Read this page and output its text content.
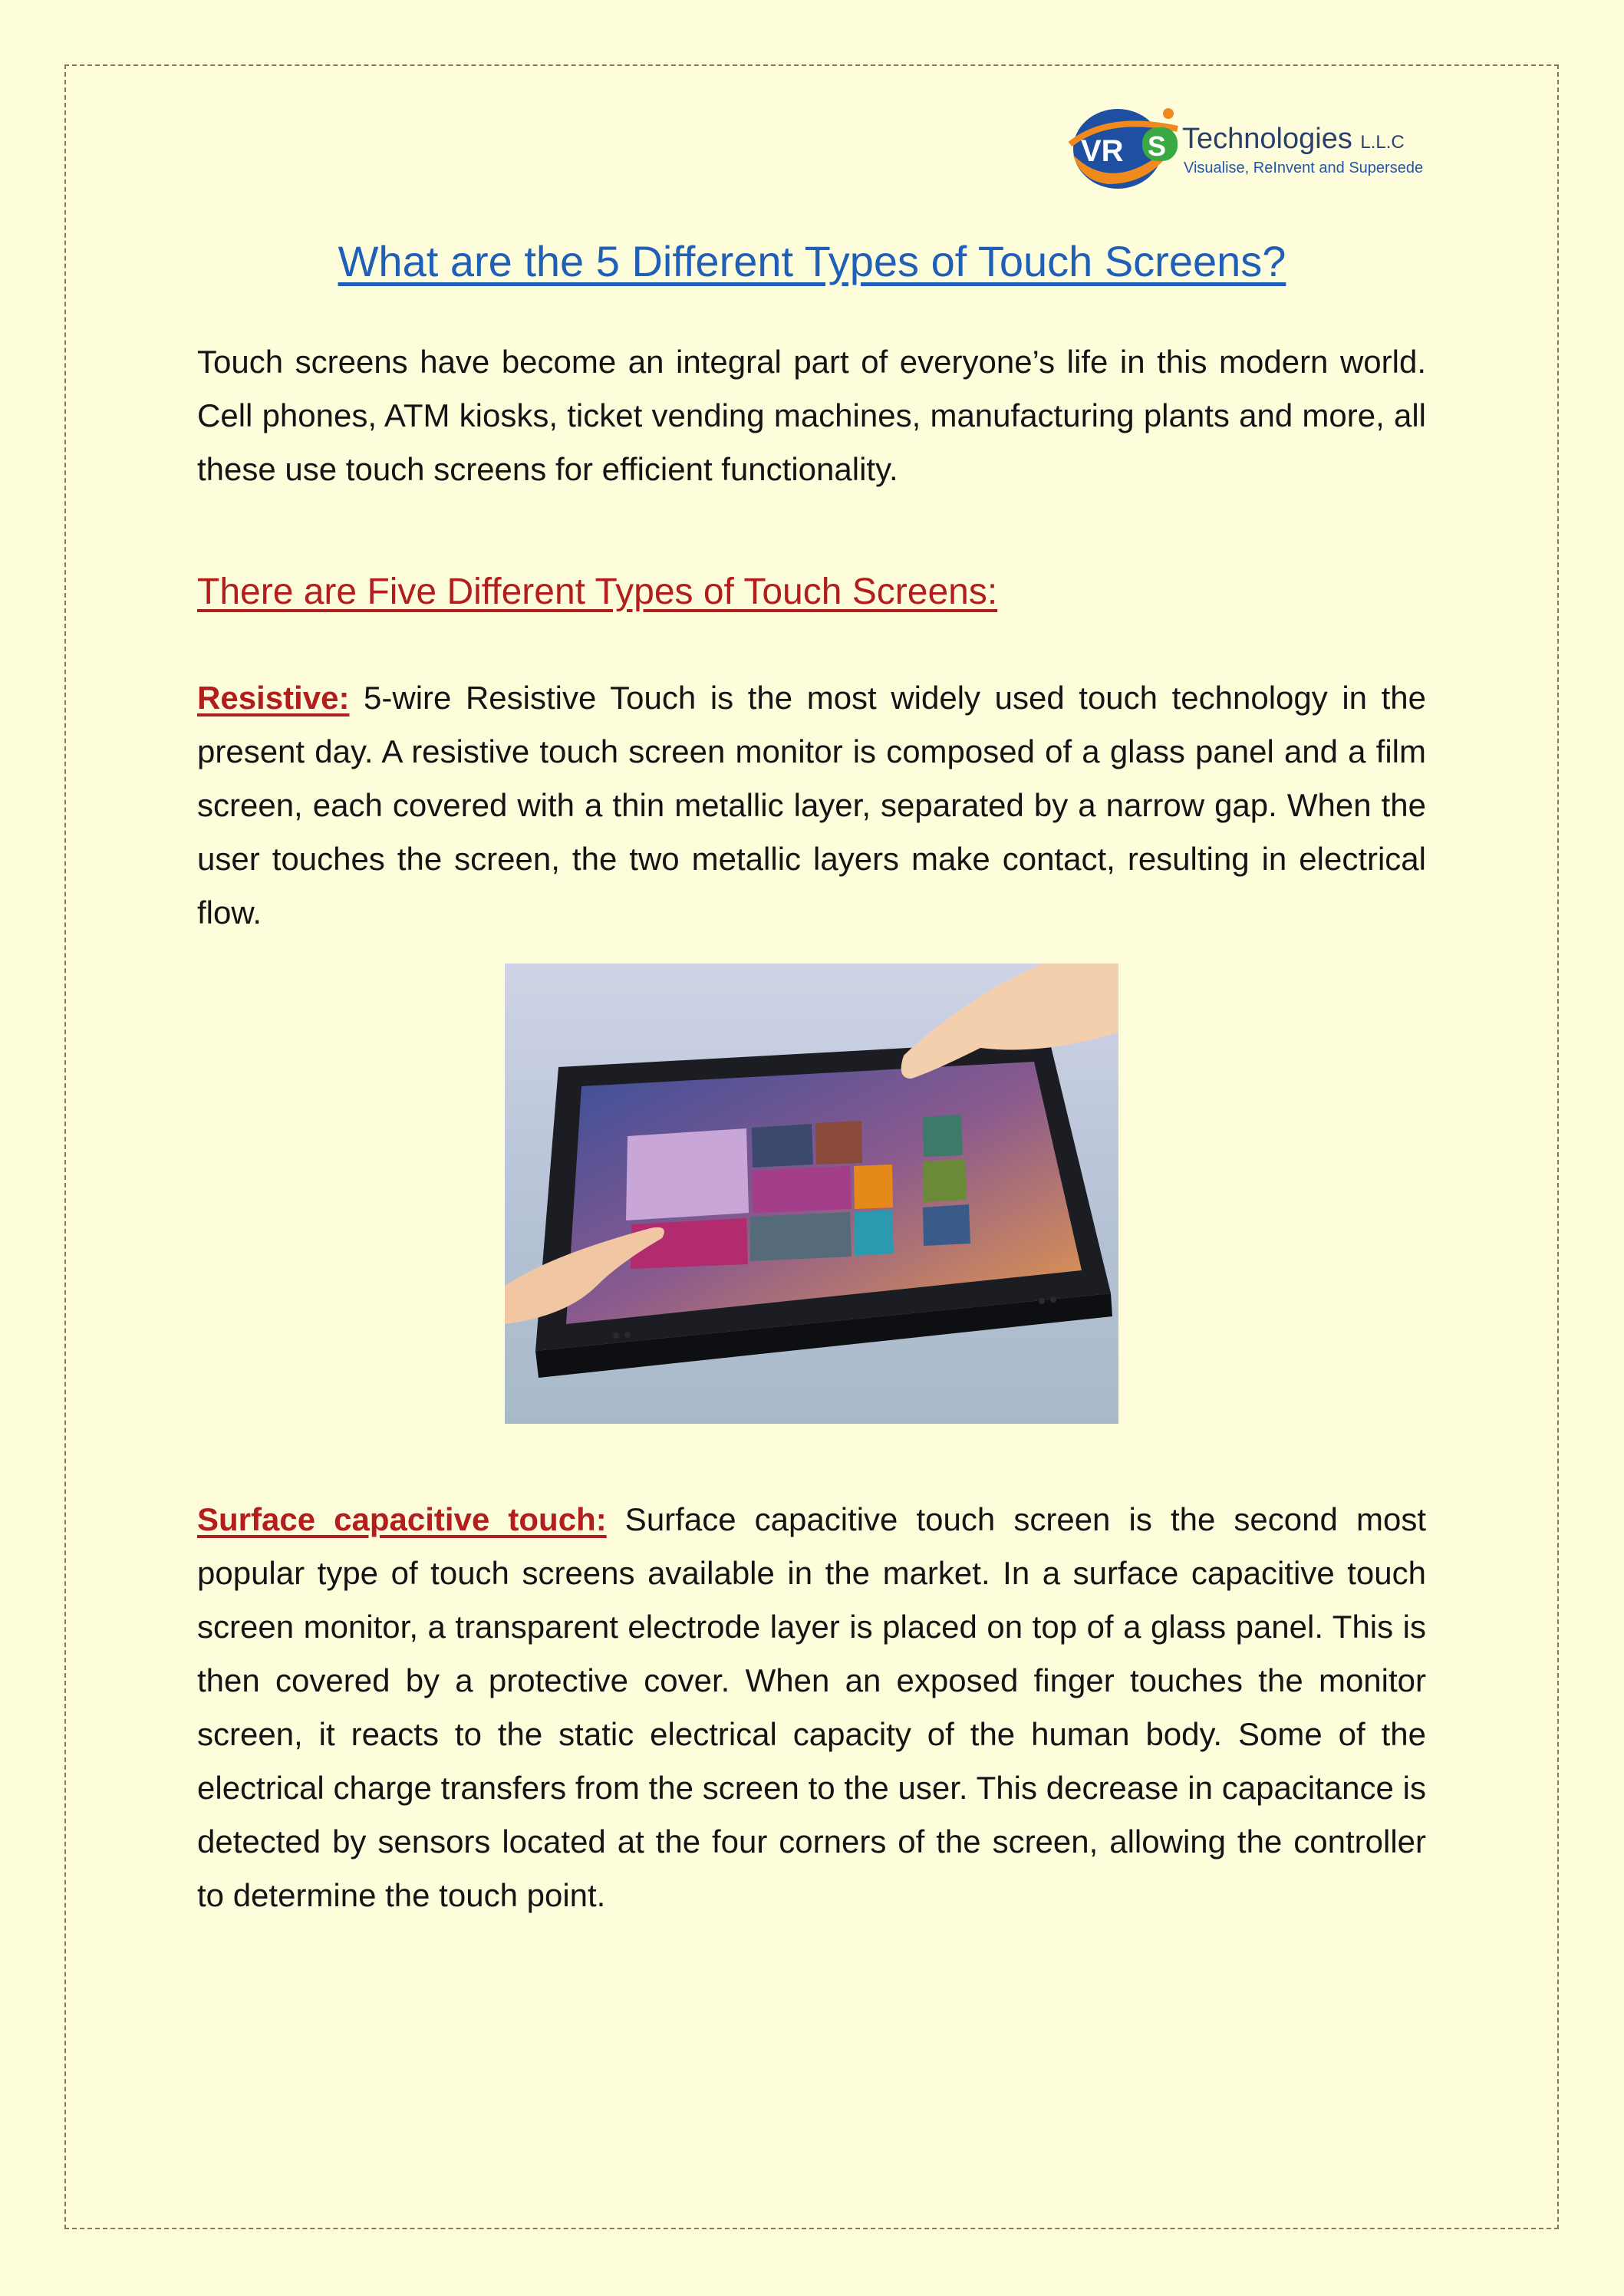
VR S Technologies L.L.C
Visualise, ReInvent and Supersede
What are the 5 Different Types of Touch Screens?
Touch screens have become an integral part of everyone’s life in this modern world. Cell phones, ATM kiosks, ticket vending machines, manufacturing plants and more, all these use touch screens for efficient functionality.
There are Five Different Types of Touch Screens:
Resistive: 5-wire Resistive Touch is the most widely used touch technology in the present day. A resistive touch screen monitor is composed of a glass panel and a film screen, each covered with a thin metallic layer, separated by a narrow gap. When the user touches the screen, the two metallic layers make contact, resulting in electrical flow.
Surface capacitive touch: Surface capacitive touch screen is the second most popular type of touch screens available in the market. In a surface capacitive touch screen monitor, a transparent electrode layer is placed on top of a glass panel. This is then covered by a protective cover. When an exposed finger touches the monitor screen, it reacts to the static electrical capacity of the human body. Some of the electrical charge transfers from the screen to the user. This decrease in capacitance is detected by sensors located at the four corners of the screen, allowing the controller to determine the touch point.
